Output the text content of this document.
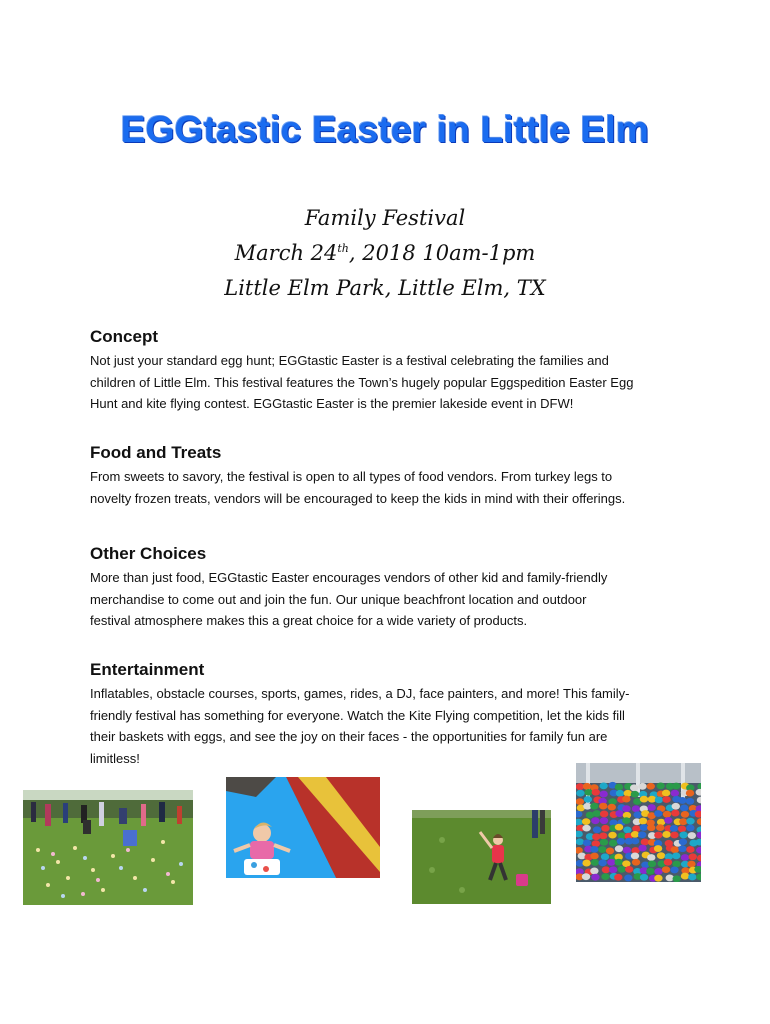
EGGtastic Easter in Little Elm
Family Festival
March 24th, 2018 10am-1pm
Little Elm Park, Little Elm, TX
Concept

Not just your standard egg hunt; EGGtastic Easter is a festival celebrating the families and
children of Little Elm. This festival features the Town’s hugely popular Eggspedition Easter Egg
Hunt and kite flying contest. EGGtastic Easter is the premier lakeside event in DFW!

Food and Treats

From sweets to savory, the festival is open to all types of food vendors. From turkey legs to
novelty frozen treats, vendors will be encouraged to keep the kids in mind with their offerings.

Other Choices

More than just food, EGGtastic Easter encourages vendors of other kid and family-friendly
merchandise to come out and join the fun. Our unique beachfront location and outdoor
festival atmosphere makes this a great choice for a wide variety of products.

Entertainment

Inflatables, obstacle courses, sports, games, rides, a DJ, face painters, and more! This family-
friendly festival has something for everyone. Watch the Kite Flying competition, let the kids fill
their baskets with eggs, and see the joy on their faces - the opportunities for family fun are
limitless!
